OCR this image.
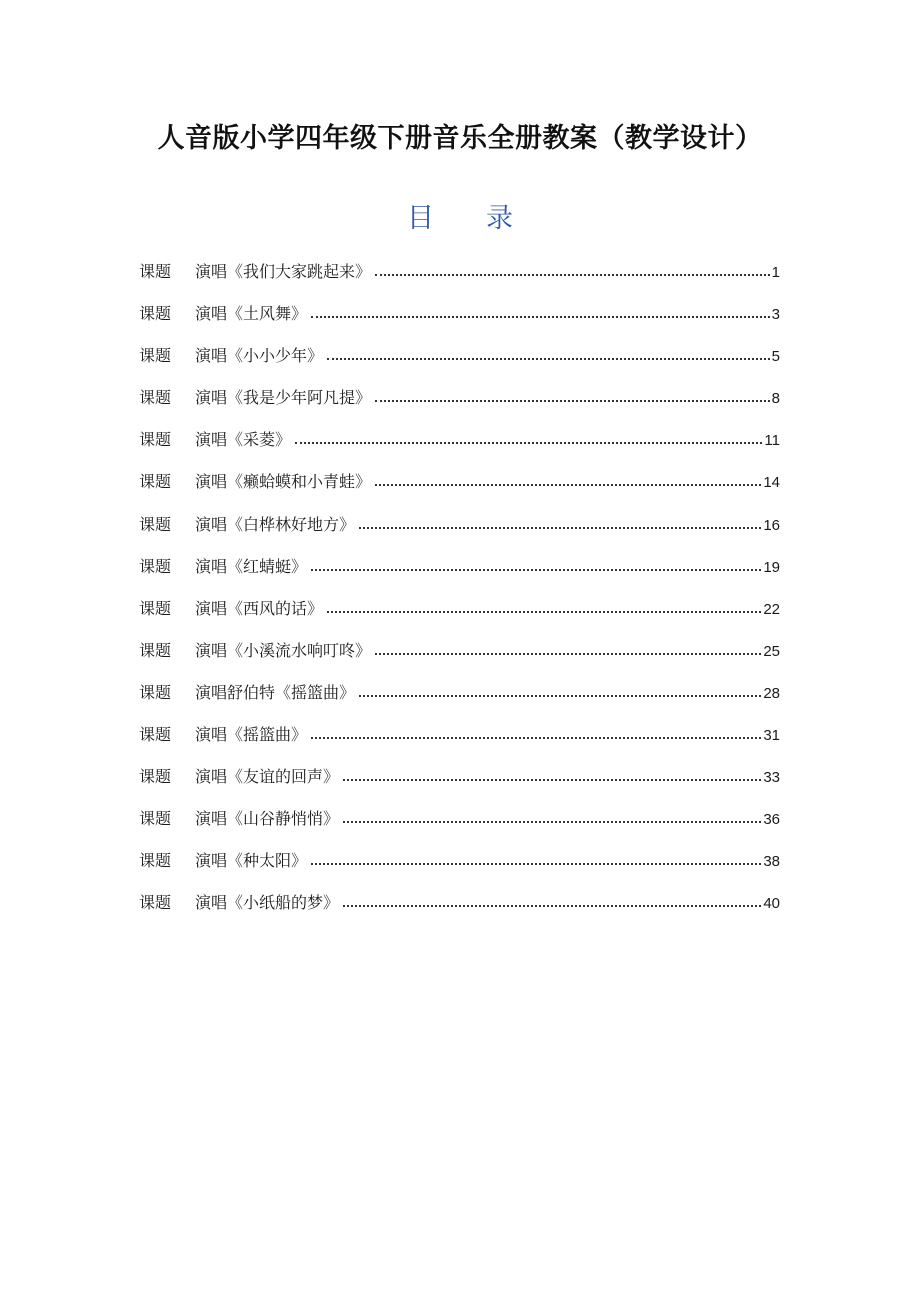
人音版小学四年级下册音乐全册教案（教学设计）
目 录
课题	演唱《我们大家跳起来》	1
课题	演唱《土风舞》	3
课题	演唱《小小少年》	5
课题	演唱《我是少年阿凡提》	8
课题	演唱《采菱》	11
课题	演唱《癞蛤蟆和小青蛙》	14
课题	演唱《白桦林好地方》	16
课题	演唱《红蜻蜓》	19
课题	演唱《西风的话》	22
课题	演唱《小溪流水响叮咚》	25
课题	演唱舒伯特《摇篮曲》	28
课题	演唱《摇篮曲》	31
课题	演唱《友谊的回声》	33
课题	演唱《山谷静悄悄》	36
课题	演唱《种太阳》	38
课题	演唱《小纸船的梦》	40
